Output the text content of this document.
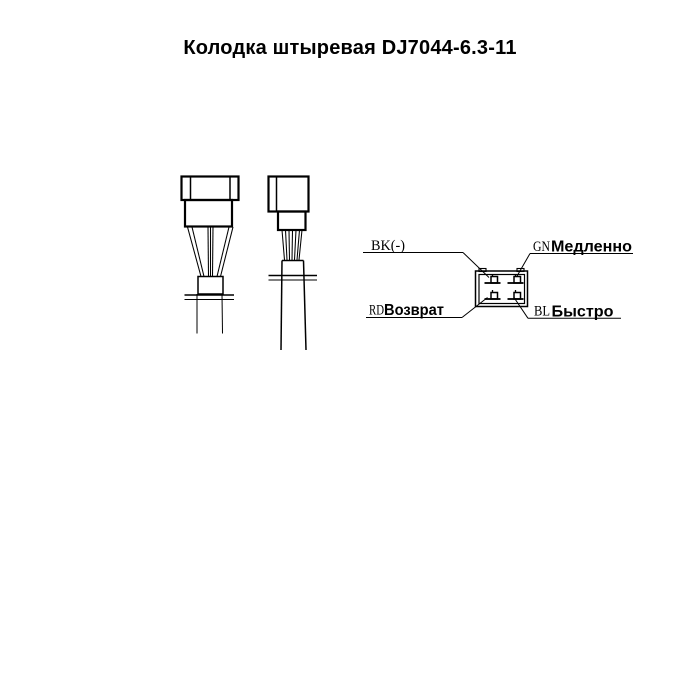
Колодка штыревая DJ7044-6.3-11
BK(-)	GN Медленно
RD Возврат	BL Быстро
